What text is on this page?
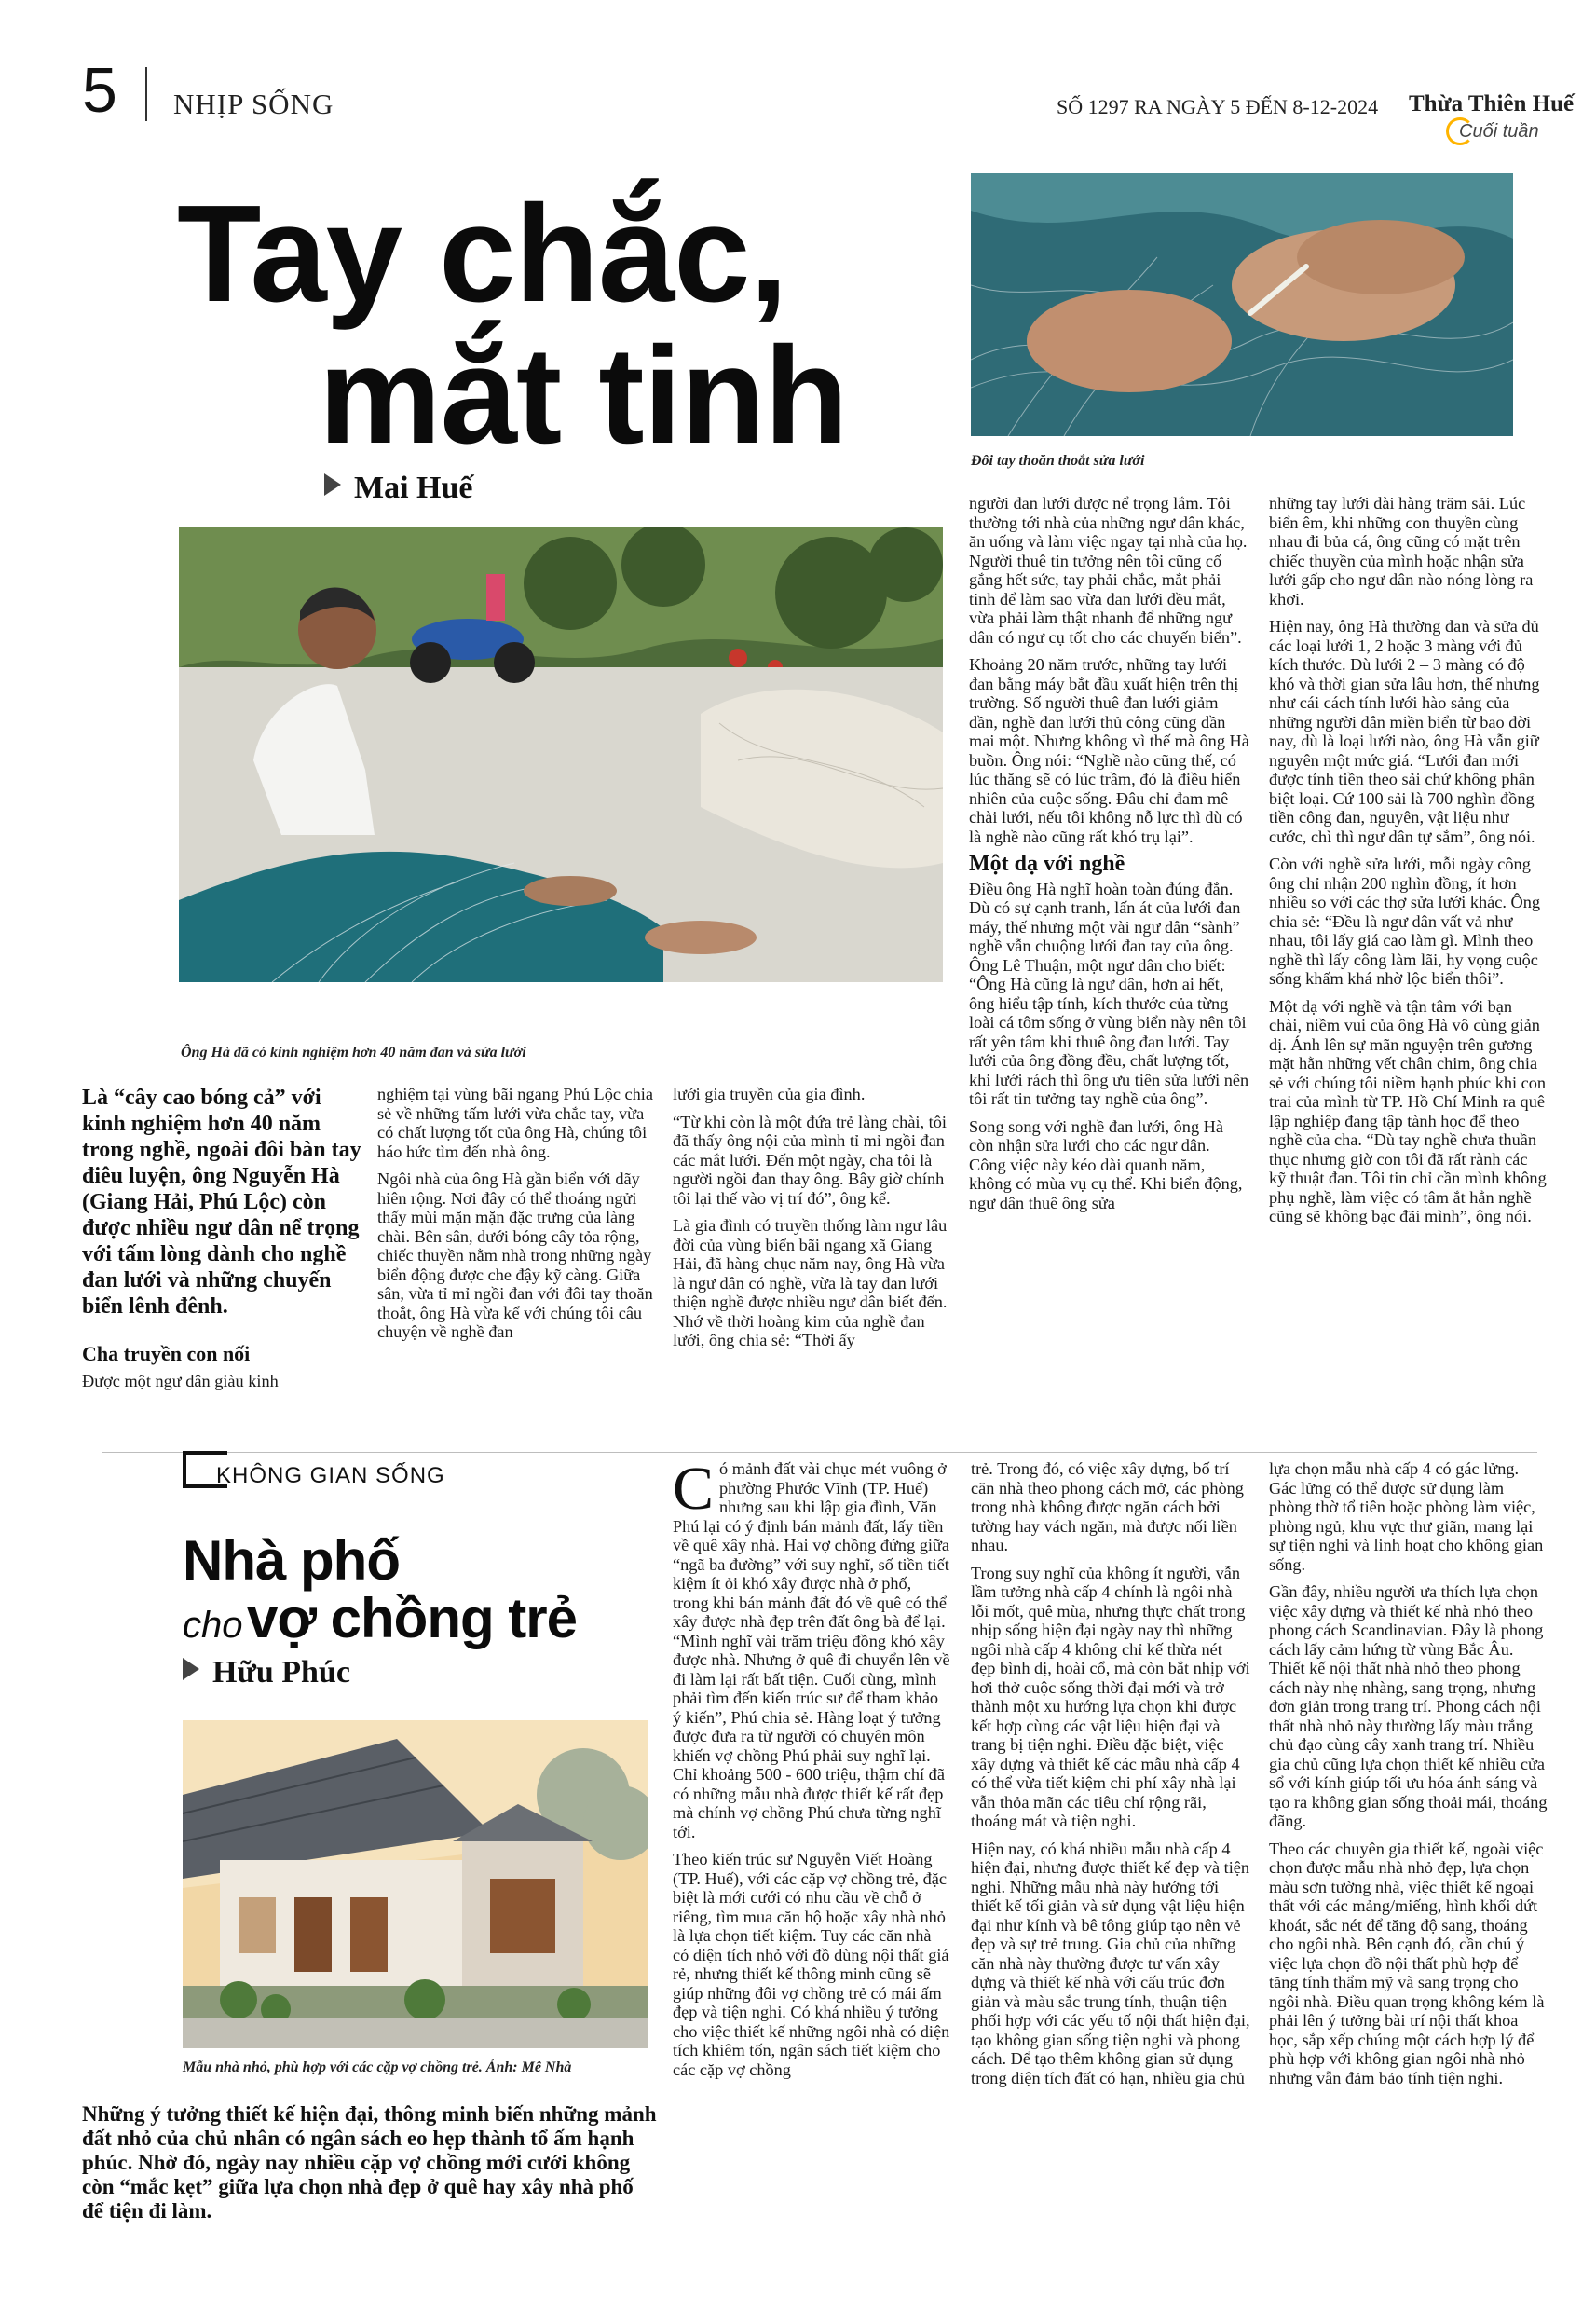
5 NHỊP SỐNG	SỐ 1297 RA NGÀY 5 ĐẾN 8-12-2024 Thừa Thiên Huế
Cuối tuần
Tay chắc,
mắt tinh
Mai Huế
Đôi tay thoăn thoắt sửa lưới
Ông Hà đã có kinh nghiệm hơn 40 năm đan và sửa lưới
Là “cây cao bóng cả” với kinh nghiệm hơn 40 năm trong nghề, ngoài đôi bàn tay điêu luyện, ông Nguyễn Hà (Giang Hải, Phú Lộc) còn được nhiều ngư dân nể trọng với tấm lòng dành cho nghề đan lưới và những chuyến biển lênh đênh.
Cha truyền con nối
Được một ngư dân giàu kinh

nghiệm tại vùng bãi ngang Phú Lộc chia sẻ về những tấm lưới vừa chắc tay, vừa có chất lượng tốt của ông Hà, chúng tôi háo hức tìm đến nhà ông.

Ngôi nhà của ông Hà gần biển với dãy hiên rộng. Nơi đây có thể thoáng ngửi thấy mùi mặn mặn đặc trưng của làng chài. Bên sân, dưới bóng cây tỏa rộng, chiếc thuyền nằm nhà trong những ngày biển động được che đậy kỹ càng. Giữa sân, vừa tỉ mỉ ngồi đan với đôi tay thoăn thoắt, ông Hà vừa kể với chúng tôi câu chuyện về nghề đan

lưới gia truyền của gia đình.

“Từ khi còn là một đứa trẻ làng chài, tôi đã thấy ông nội của mình tỉ mỉ ngồi đan các mắt lưới. Đến một ngày, cha tôi là người ngồi đan thay ông. Bây giờ chính tôi lại thế vào vị trí đó”, ông kể.

Là gia đình có truyền thống làm ngư lâu đời của vùng biển bãi ngang xã Giang Hải, đã hàng chục năm nay, ông Hà vừa là ngư dân có nghề, vừa là tay đan lưới thiện nghề được nhiều ngư dân biết đến. Nhớ về thời hoàng kim của nghề đan lưới, ông chia sẻ: “Thời ấy

người đan lưới được nể trọng lắm. Tôi thường tới nhà của những ngư dân khác, ăn uống và làm việc ngay tại nhà của họ. Người thuê tin tưởng nên tôi cũng cố gắng hết sức, tay phải chắc, mắt phải tinh để làm sao vừa đan lưới đều mắt, vừa phải làm thật nhanh để những ngư dân có ngư cụ tốt cho các chuyến biển”.

Khoảng 20 năm trước, những tay lưới đan bằng máy bắt đầu xuất hiện trên thị trường. Số người thuê đan lưới giảm dần, nghề đan lưới thủ công cũng dần mai một. Nhưng không vì thế mà ông Hà buồn. Ông nói: “Nghề nào cũng thế, có lúc thăng sẽ có lúc trầm, đó là điều hiển nhiên của cuộc sống. Đâu chỉ đam mê chài lưới, nếu tôi không nỗ lực thì dù có là nghề nào cũng rất khó trụ lại”.

Một dạ với nghề

Điều ông Hà nghĩ hoàn toàn đúng đắn. Dù có sự cạnh tranh, lấn át của lưới đan máy, thế nhưng một vài ngư dân “sành” nghề vẫn chuộng lưới đan tay của ông. Ông Lê Thuận, một ngư dân cho biết: “Ông Hà cũng là ngư dân, hơn ai hết, ông hiểu tập tính, kích thước của từng loài cá tôm sống ở vùng biển này nên tôi rất yên tâm khi thuê ông đan lưới. Tay lưới của ông đồng đều, chất lượng tốt, khi lưới rách thì ông ưu tiên sửa lưới nên tôi rất tin tưởng tay nghề của ông”.

Song song với nghề đan lưới, ông Hà còn nhận sửa lưới cho các ngư dân. Công việc này kéo dài quanh năm, không có mùa vụ cụ thể. Khi biển động, ngư dân thuê ông sửa

những tay lưới dài hàng trăm sải. Lúc biển êm, khi những con thuyền cùng nhau đi bủa cá, ông cũng có mặt trên chiếc thuyền của mình hoặc nhận sửa lưới gấp cho ngư dân nào nóng lòng ra khơi.

Hiện nay, ông Hà thường đan và sửa đủ các loại lưới 1, 2 hoặc 3 màng với đủ kích thước. Dù lưới 2 – 3 màng có độ khó và thời gian sửa lâu hơn, thế nhưng như cái cách tính lưới hào sảng của những người dân miền biển từ bao đời nay, dù là loại lưới nào, ông Hà vẫn giữ nguyên một mức giá. “Lưới đan mới được tính tiền theo sải chứ không phân biệt loại. Cứ 100 sải là 700 nghìn đồng tiền công đan, nguyên, vật liệu như cước, chì thì ngư dân tự sắm”, ông nói.

Còn với nghề sửa lưới, mỗi ngày công ông chỉ nhận 200 nghìn đồng, ít hơn nhiều so với các thợ sửa lưới khác. Ông chia sẻ: “Đều là ngư dân vất vả như nhau, tôi lấy giá cao làm gì. Mình theo nghề thì lấy công làm lãi, hy vọng cuộc sống khấm khá nhờ lộc biển thôi”.

Một dạ với nghề và tận tâm với bạn chài, niềm vui của ông Hà vô cùng giản dị. Ánh lên sự mãn nguyện trên gương mặt hằn những vết chân chim, ông chia sẻ với chúng tôi niềm hạnh phúc khi con trai của mình từ TP. Hồ Chí Minh ra quê lập nghiệp đang tập tành học để theo nghề của cha. “Dù tay nghề chưa thuần thục nhưng giờ con tôi đã rất rành các kỹ thuật đan. Tôi tin chỉ cần mình không phụ nghề, làm việc có tâm ắt hẳn nghề cũng sẽ không bạc đãi mình”, ông nói.

KHÔNG GIAN SỐNG
Nhà phố
cho vợ chồng trẻ
Hữu Phúc
Mẫu nhà nhỏ, phù hợp với các cặp vợ chồng trẻ. Ảnh: Mê Nhà
Những ý tưởng thiết kế hiện đại, thông minh biến những mảnh đất nhỏ của chủ nhân có ngân sách eo hẹp thành tổ ấm hạnh phúc. Nhờ đó, ngày nay nhiều cặp vợ chồng mới cưới không còn “mắc kẹt” giữa lựa chọn nhà đẹp ở quê hay xây nhà phố để tiện đi làm.

Có mảnh đất vài chục mét vuông ở phường Phước Vĩnh (TP. Huế) nhưng sau khi lập gia đình, Văn Phú lại có ý định bán mảnh đất, lấy tiền về quê xây nhà. Hai vợ chồng đứng giữa “ngã ba đường” với suy nghĩ, số tiền tiết kiệm ít ỏi khó xây được nhà ở phố, trong khi bán mảnh đất đó về quê có thể xây được nhà đẹp trên đất ông bà để lại. “Mình nghĩ vài trăm triệu đồng khó xây được nhà. Nhưng ở quê đi chuyển lên về đi làm lại rất bất tiện. Cuối cùng, mình phải tìm đến kiến trúc sư để tham khảo ý kiến”, Phú chia sẻ. Hàng loạt ý tưởng được đưa ra từ người có chuyên môn khiến vợ chồng Phú phải suy nghĩ lại. Chỉ khoảng 500 - 600 triệu, thậm chí đã có những mẫu nhà được thiết kế rất đẹp mà chính vợ chồng Phú chưa từng nghĩ tới.

Theo kiến trúc sư Nguyễn Viết Hoàng (TP. Huế), với các cặp vợ chồng trẻ, đặc biệt là mới cưới có nhu cầu về chỗ ở riêng, tìm mua căn hộ hoặc xây nhà nhỏ là lựa chọn tiết kiệm. Tuy các căn nhà có diện tích nhỏ với đồ dùng nội thất giá rẻ, nhưng thiết kế thông minh cũng sẽ giúp những đôi vợ chồng trẻ có mái ấm đẹp và tiện nghi. Có khá nhiều ý tưởng cho việc thiết kế những ngôi nhà có diện tích khiêm tốn, ngân sách tiết kiệm cho các cặp vợ chồng

trẻ. Trong đó, có việc xây dựng, bố trí căn nhà theo phong cách mở, các phòng trong nhà không được ngăn cách bởi tường hay vách ngăn, mà được nối liền nhau.

Trong suy nghĩ của không ít người, vẫn lầm tưởng nhà cấp 4 chính là ngôi nhà lỗi mốt, quê mùa, nhưng thực chất trong nhịp sống hiện đại ngày nay thì những ngôi nhà cấp 4 không chỉ kế thừa nét đẹp bình dị, hoài cổ, mà còn bắt nhịp với hơi thở cuộc sống thời đại mới và trở thành một xu hướng lựa chọn khi được kết hợp cùng các vật liệu hiện đại và trang bị tiện nghi. Điều đặc biệt, việc xây dựng và thiết kế các mẫu nhà cấp 4 có thể vừa tiết kiệm chi phí xây nhà lại vẫn thỏa mãn các tiêu chí rộng rãi, thoáng mát và tiện nghi.

Hiện nay, có khá nhiều mẫu nhà cấp 4 hiện đại, nhưng được thiết kế đẹp và tiện nghi. Những mẫu nhà này hướng tới thiết kế tối giản và sử dụng vật liệu hiện đại như kính và bê tông giúp tạo nên vẻ đẹp và sự trẻ trung. Gia chủ của những căn nhà này thường được tư vấn xây dựng và thiết kế nhà với cấu trúc đơn giản và màu sắc trung tính, thuận tiện phối hợp với các yếu tố nội thất hiện đại, tạo không gian sống tiện nghi và phong cách. Để tạo thêm không gian sử dụng trong diện tích đất có hạn, nhiều gia chủ

lựa chọn mẫu nhà cấp 4 có gác lửng. Gác lửng có thể được sử dụng làm phòng thờ tổ tiên hoặc phòng làm việc, phòng ngủ, khu vực thư giãn, mang lại sự tiện nghi và linh hoạt cho không gian sống.

Gần đây, nhiều người ưa thích lựa chọn việc xây dựng và thiết kế nhà nhỏ theo phong cách Scandinavian. Đây là phong cách lấy cảm hứng từ vùng Bắc Âu. Thiết kế nội thất nhà nhỏ theo phong cách này nhẹ nhàng, sang trọng, nhưng đơn giản trong trang trí. Phong cách nội thất nhà nhỏ này thường lấy màu trắng chủ đạo cùng cây xanh trang trí. Nhiều gia chủ cũng lựa chọn thiết kế nhiều cửa sổ với kính giúp tối ưu hóa ánh sáng và tạo ra không gian sống thoải mái, thoáng đãng.

Theo các chuyên gia thiết kế, ngoài việc chọn được mẫu nhà nhỏ đẹp, lựa chọn màu sơn tường nhà, việc thiết kế ngoại thất với các mảng/miếng, hình khối dứt khoát, sắc nét để tăng độ sang, thoáng cho ngôi nhà. Bên cạnh đó, cần chú ý việc lựa chọn đồ nội thất phù hợp để tăng tính thẩm mỹ và sang trọng cho ngôi nhà. Điều quan trọng không kém là phải lên ý tưởng bài trí nội thất khoa học, sắp xếp chúng một cách hợp lý để phù hợp với không gian ngôi nhà nhỏ nhưng vẫn đảm bảo tính tiện nghi.
